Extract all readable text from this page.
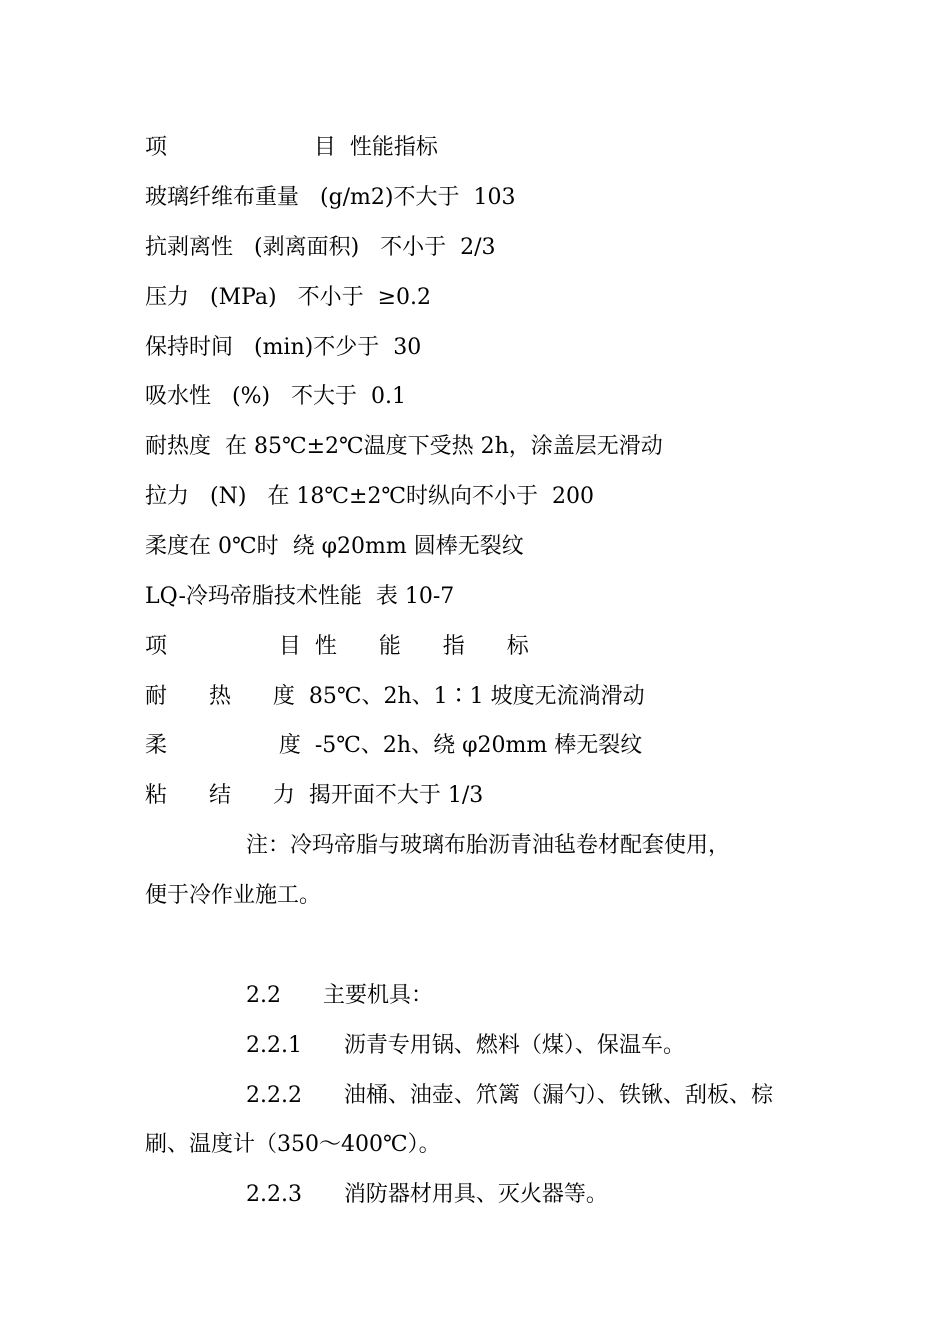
项                     目  性能指标

玻璃纤维布重量   (g/m2)不大于  103

抗剥离性   (剥离面积)   不小于  2/3

压力   (MPa)   不小于  ≥0.2

保持时间   (min)不少于  30

吸水性   (%)   不大于  0.1

耐热度  在 85℃±2℃温度下受热 2h，涂盖层无滑动

拉力   (N)   在 18℃±2℃时纵向不小于  200

柔度在 0℃时  绕 φ20mm 圆棒无裂纹

LQ-冷玛帝脂技术性能  表 10-7

项                目  性      能      指      标

耐      热      度  85℃、2h、1∶1 坡度无流淌滑动

柔                度  -5℃、2h、绕 φ20mm 棒无裂纹

粘      结      力  揭开面不大于 1/3

注：冷玛帝脂与玻璃布胎沥青油毡卷材配套使用，

便于冷作业施工。

2.2      主要机具：

2.2.1      沥青专用锅、燃料（煤）、保温车。

2.2.2      油桶、油壶、笊篱（漏勺）、铁锹、刮板、棕

刷、温度计（350～400℃）。

2.2.3      消防器材用具、灭火器等。
